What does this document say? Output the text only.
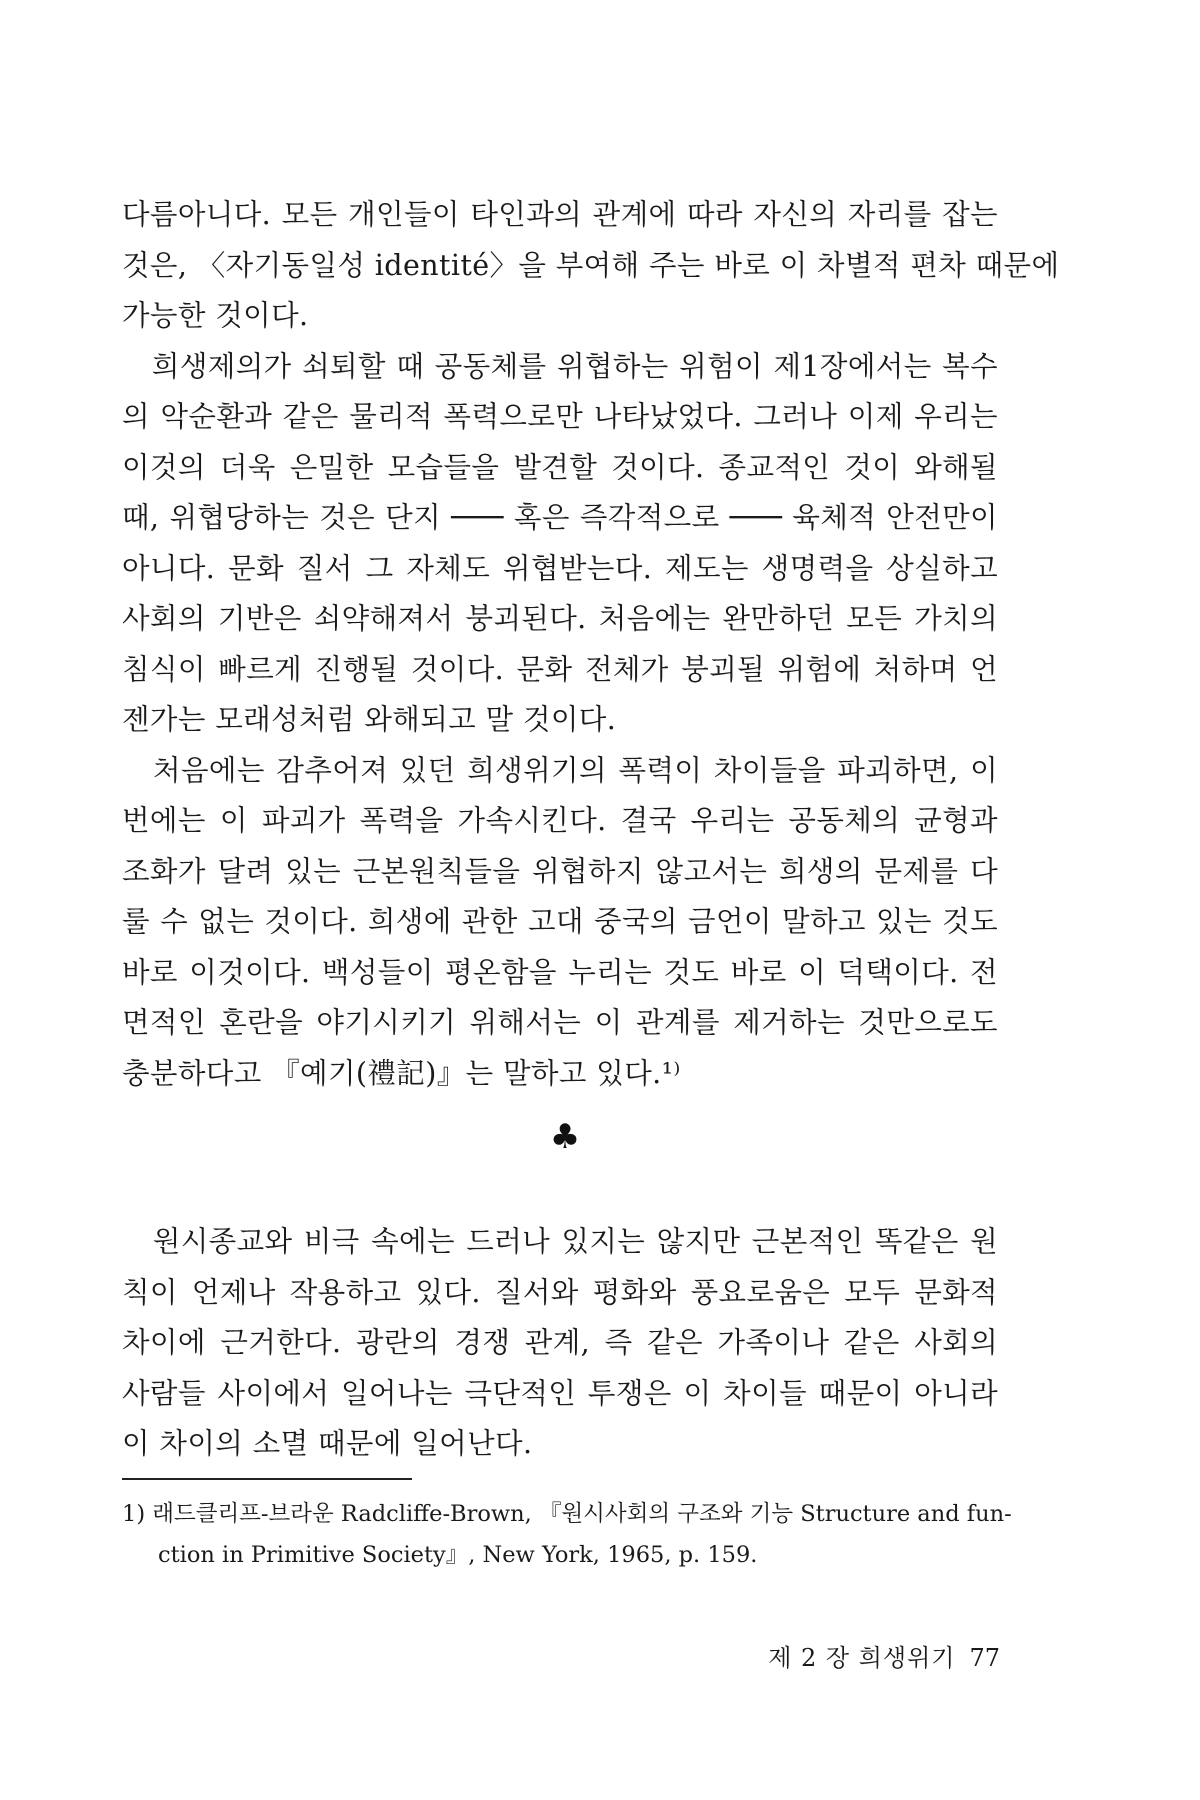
다름아니다. 모든 개인들이 타인과의 관계에 따라 자신의 자리를 잡는
것은, 〈자기동일성 identité〉을 부여해 주는 바로 이 차별적 편차 때문에
가능한 것이다.
　희생제의가 쇠퇴할 때 공동체를 위협하는 위험이 제1장에서는 복수
의 악순환과 같은 물리적 폭력으로만 나타났었다. 그러나 이제 우리는
이것의 더욱 은밀한 모습들을 발견할 것이다. 종교적인 것이 와해될
때, 위협당하는 것은 단지 ─── 혹은 즉각적으로 ─── 육체적 안전만이
아니다. 문화 질서 그 자체도 위협받는다. 제도는 생명력을 상실하고
사회의 기반은 쇠약해져서 붕괴된다. 처음에는 완만하던 모든 가치의
침식이 빠르게 진행될 것이다. 문화 전체가 붕괴될 위험에 처하며 언
젠가는 모래성처럼 와해되고 말 것이다.
　처음에는 감추어져 있던 희생위기의 폭력이 차이들을 파괴하면, 이
번에는 이 파괴가 폭력을 가속시킨다. 결국 우리는 공동체의 균형과
조화가 달려 있는 근본원칙들을 위협하지 않고서는 희생의 문제를 다
룰 수 없는 것이다. 희생에 관한 고대 중국의 금언이 말하고 있는 것도
바로 이것이다. 백성들이 평온함을 누리는 것도 바로 이 덕택이다. 전
면적인 혼란을 야기시키기 위해서는 이 관계를 제거하는 것만으로도
충분하다고 『예기(禮記)』는 말하고 있다.¹⁾
♣
　원시종교와 비극 속에는 드러나 있지는 않지만 근본적인 똑같은 원
칙이 언제나 작용하고 있다. 질서와 평화와 풍요로움은 모두 문화적
차이에 근거한다. 광란의 경쟁 관계, 즉 같은 가족이나 같은 사회의
사람들 사이에서 일어나는 극단적인 투쟁은 이 차이들 때문이 아니라
이 차이의 소멸 때문에 일어난다.
1) 래드클리프-브라운 Radcliffe-Brown, 『원시사회의 구조와 기능 Structure and fun-
ction in Primitive Society』, New York, 1965, p. 159.
제 2 장 희생위기 77
